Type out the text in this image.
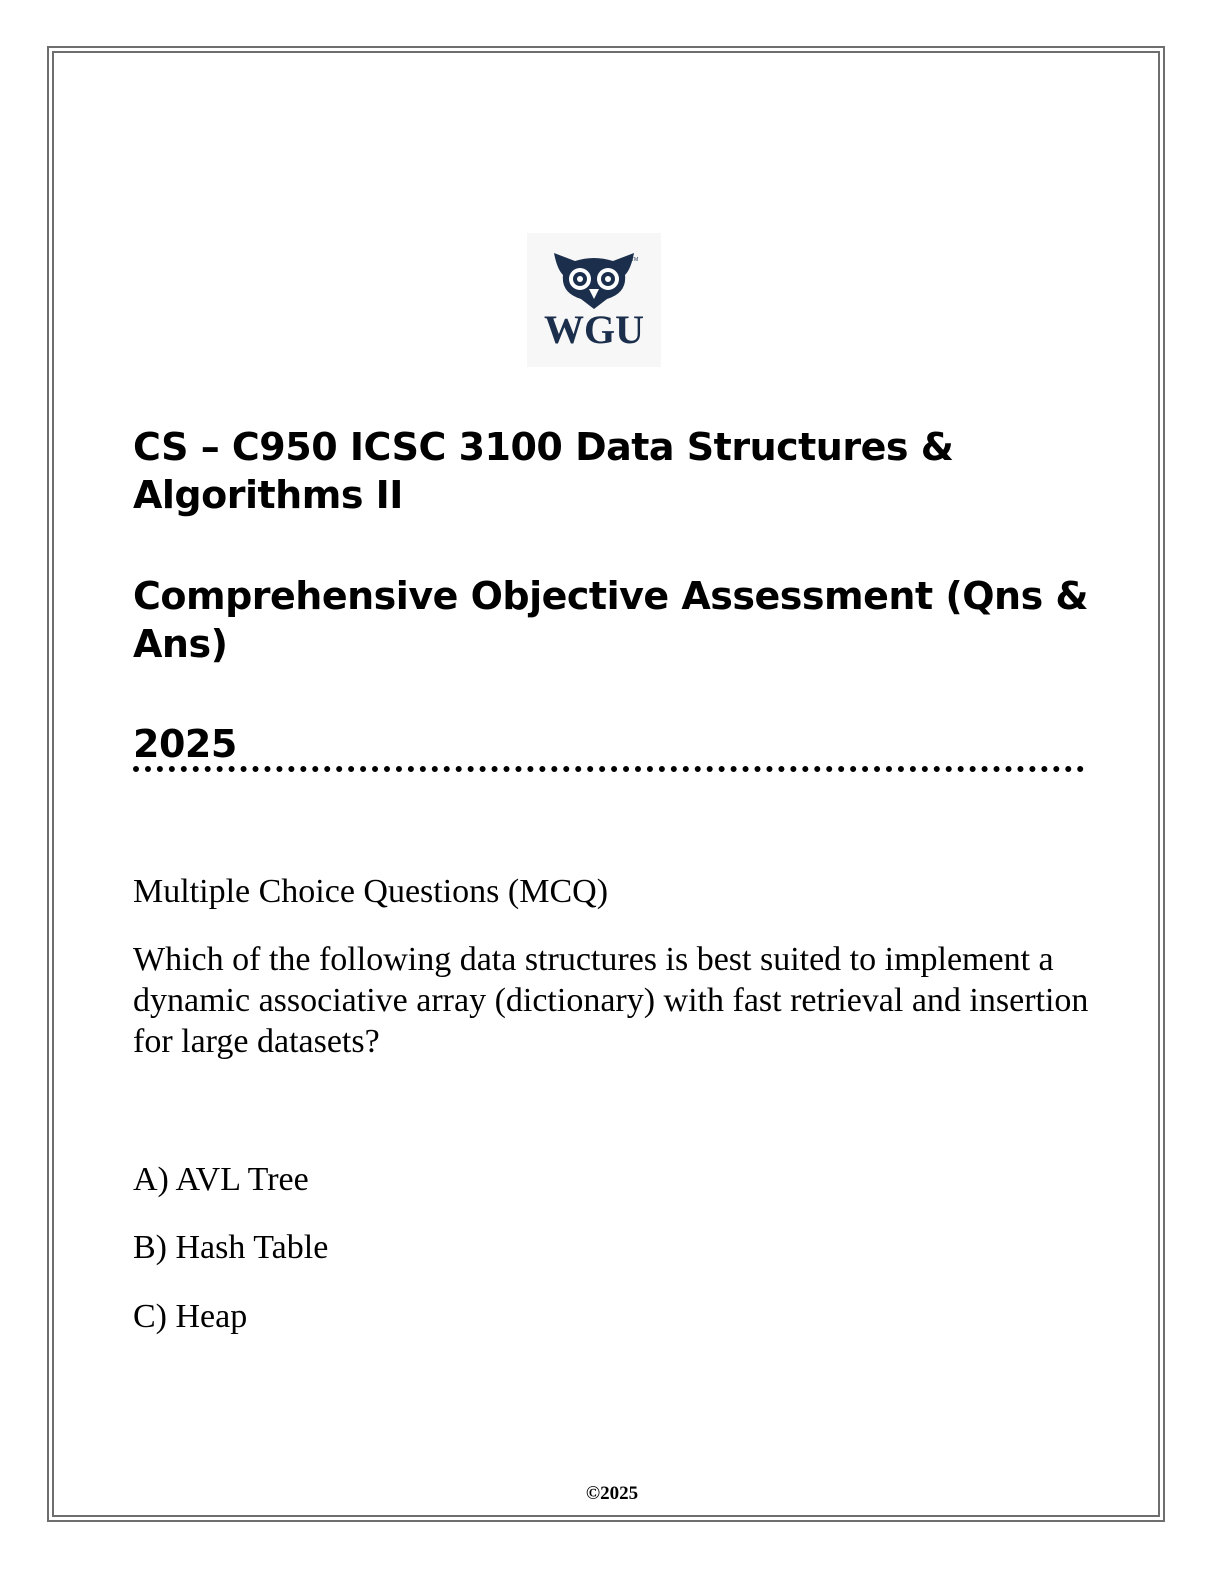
TM
WGU
CS – C950 ICSC 3100 Data Structures & Algorithms II
Comprehensive Objective Assessment (Qns & Ans)
2025

Multiple Choice Questions (MCQ)

Which of the following data structures is best suited to implement a dynamic associative array (dictionary) with fast retrieval and insertion for large datasets?

A) AVL Tree
B) Hash Table
C) Heap
©2025
